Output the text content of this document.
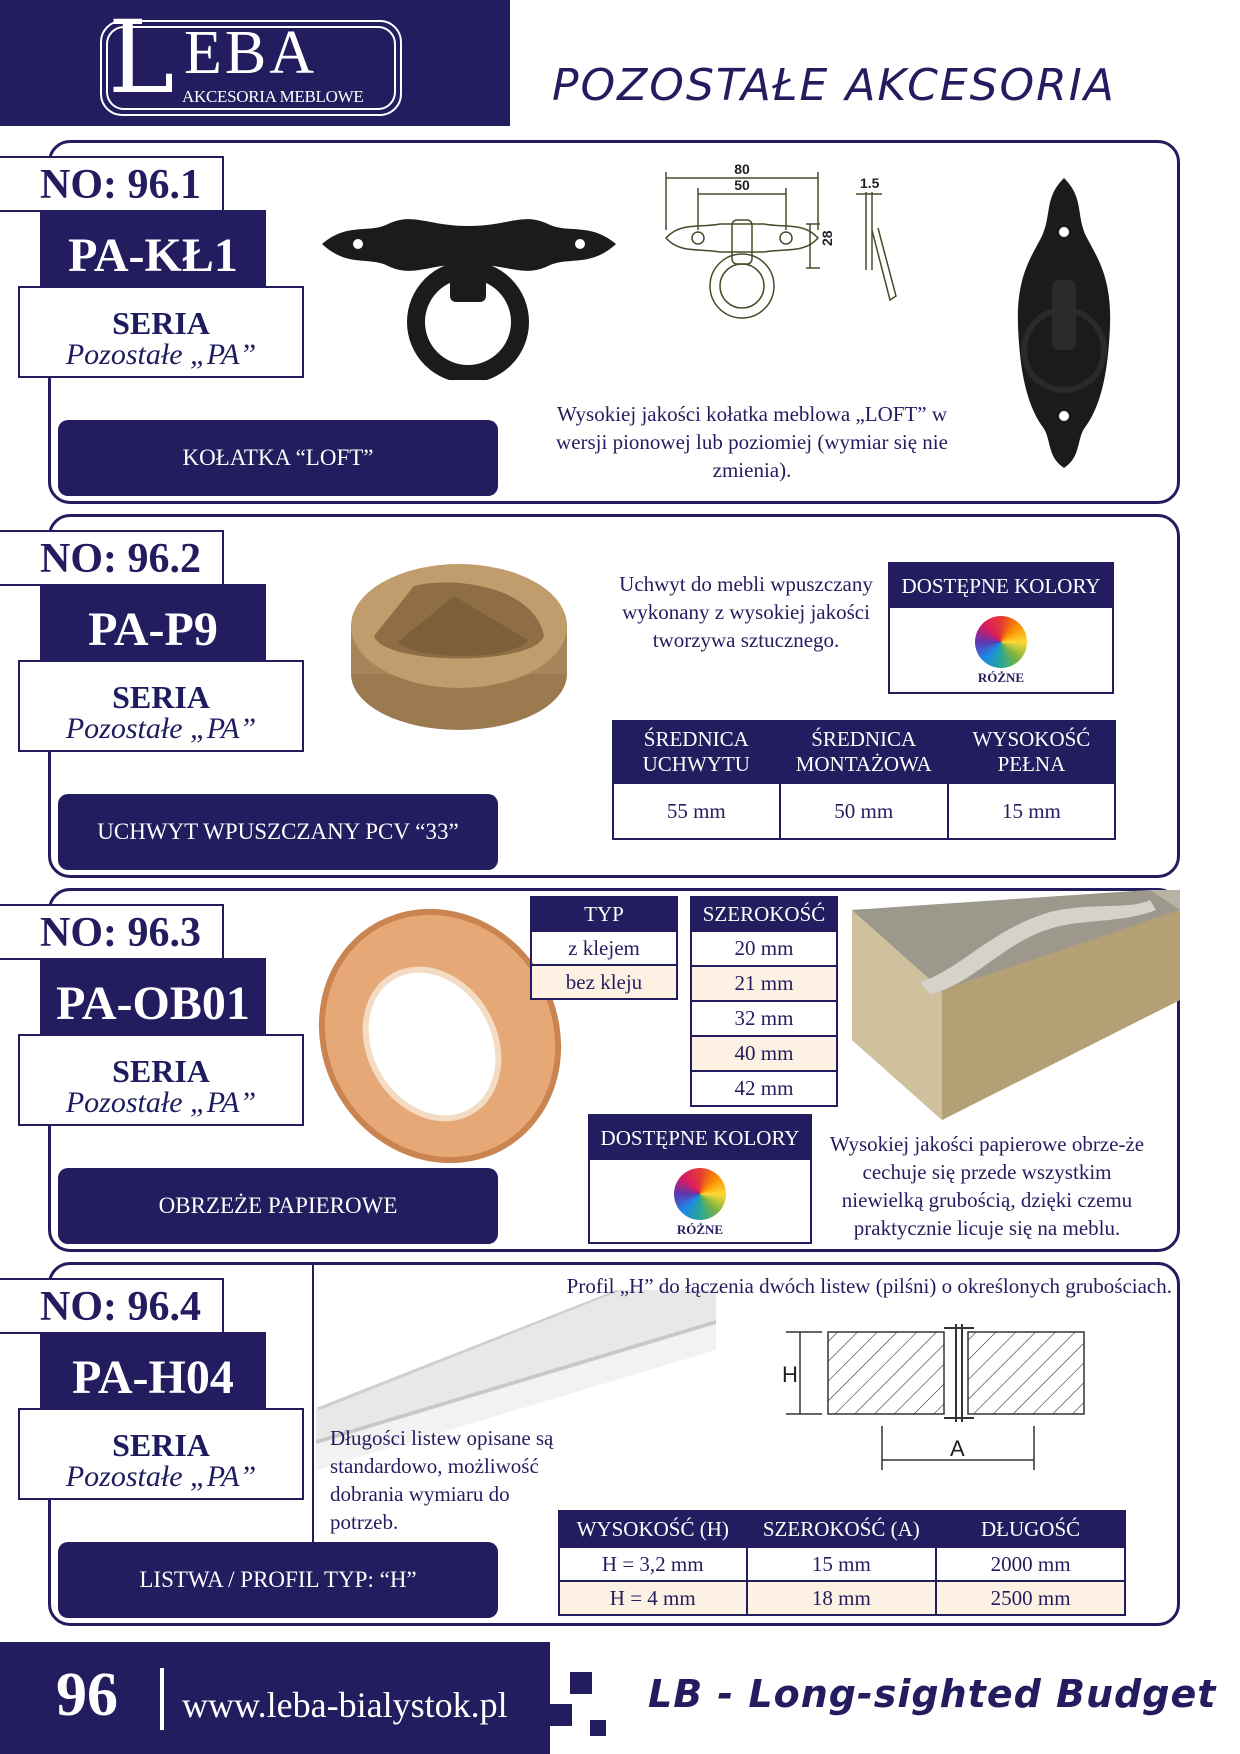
L EBA
AKCESORIA MEBLOWE	POZOSTAŁE AKCESORIA
NO: 96.1
PA-KŁ1
SERIA
Pozostałe „PA”
KOŁATKA “LOFT”
Wysokiej jakości kołatka meblowa „LOFT” w wersji pionowej lub poziomiej (wymiar się nie zmienia).
80
50
28
1.5
NO: 96.2
PA-P9
SERIA
Pozostałe „PA”
UCHWYT WPUSZCZANY PCV “33”
Uchwyt do mebli wpuszczany wykonany z wysokiej jakości tworzywa sztucznego.
DOSTĘPNE KOLORY
RÓŻNE
ŚREDNICA UCHWYTU	ŚREDNICA MONTAŻOWA	WYSOKOŚĆ PEŁNA
55 mm	50 mm	15 mm
NO: 96.3
PA-OB01
SERIA
Pozostałe „PA”
OBRZEŻE PAPIEROWE
TYP
z klejem
bez kleju
SZEROKOŚĆ
20 mm
21 mm
32 mm
40 mm
42 mm
DOSTĘPNE KOLORY
RÓŻNE
Wysokiej jakości papierowe obrze-że cechuje się przede wszystkim niewielką grubością, dzięki czemu praktycznie licuje się na meblu.
NO: 96.4
PA-H04
SERIA
Pozostałe „PA”
LISTWA / PROFIL TYP: “H”
Profil „H” do łączenia dwóch listew (pilśni) o określonych grubościach.
Długości listew opisane są standardowo, możliwość dobrania wymiaru do potrzeb.
H
A
WYSOKOŚĆ (H)	SZEROKOŚĆ (A)	DŁUGOŚĆ
H = 3,2 mm	15 mm	2000 mm
H = 4 mm	18 mm	2500 mm
96 www.leba-bialystok.pl	LB - Long-sighted Budget
